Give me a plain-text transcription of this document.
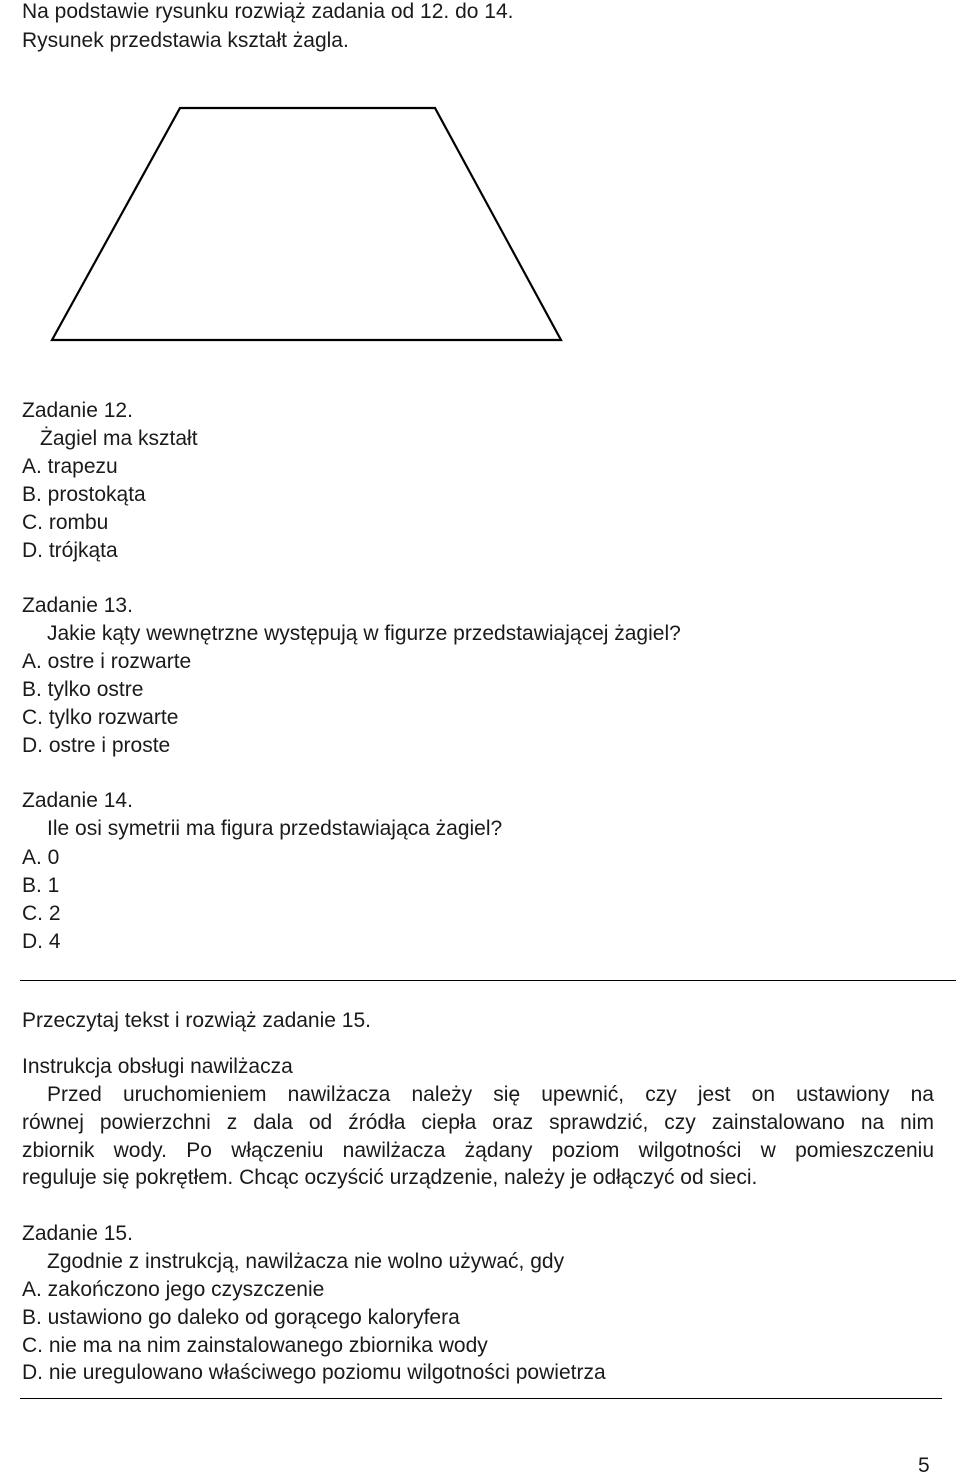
Na podstawie rysunku rozwiąż zadania od 12. do 14.
Rysunek przedstawia kształt żagla.
Zadanie 12.
Żagiel ma kształt
A. trapezu
B. prostokąta
C. rombu
D. trójkąta
Zadanie 13.
Jakie kąty wewnętrzne występują w figurze przedstawiającej żagiel?
A. ostre i rozwarte
B. tylko ostre
C. tylko rozwarte
D. ostre i proste
Zadanie 14.
Ile osi symetrii ma figura przedstawiająca żagiel?
A. 0
B. 1
C. 2
D. 4
Przeczytaj tekst i rozwiąż zadanie 15.
Instrukcja obsługi nawilżacza
Przed uruchomieniem nawilżacza należy się upewnić, czy jest on ustawiony na
równej powierzchni z dala od źródła ciepła oraz sprawdzić, czy zainstalowano na nim
zbiornik wody. Po włączeniu nawilżacza żądany poziom wilgotności w pomieszczeniu
reguluje się pokrętłem. Chcąc oczyścić urządzenie, należy je odłączyć od sieci.
Zadanie 15.
Zgodnie z instrukcją, nawilżacza nie wolno używać, gdy
A. zakończono jego czyszczenie
B. ustawiono go daleko od gorącego kaloryfera
C. nie ma na nim zainstalowanego zbiornika wody
D. nie uregulowano właściwego poziomu wilgotności powietrza
5
